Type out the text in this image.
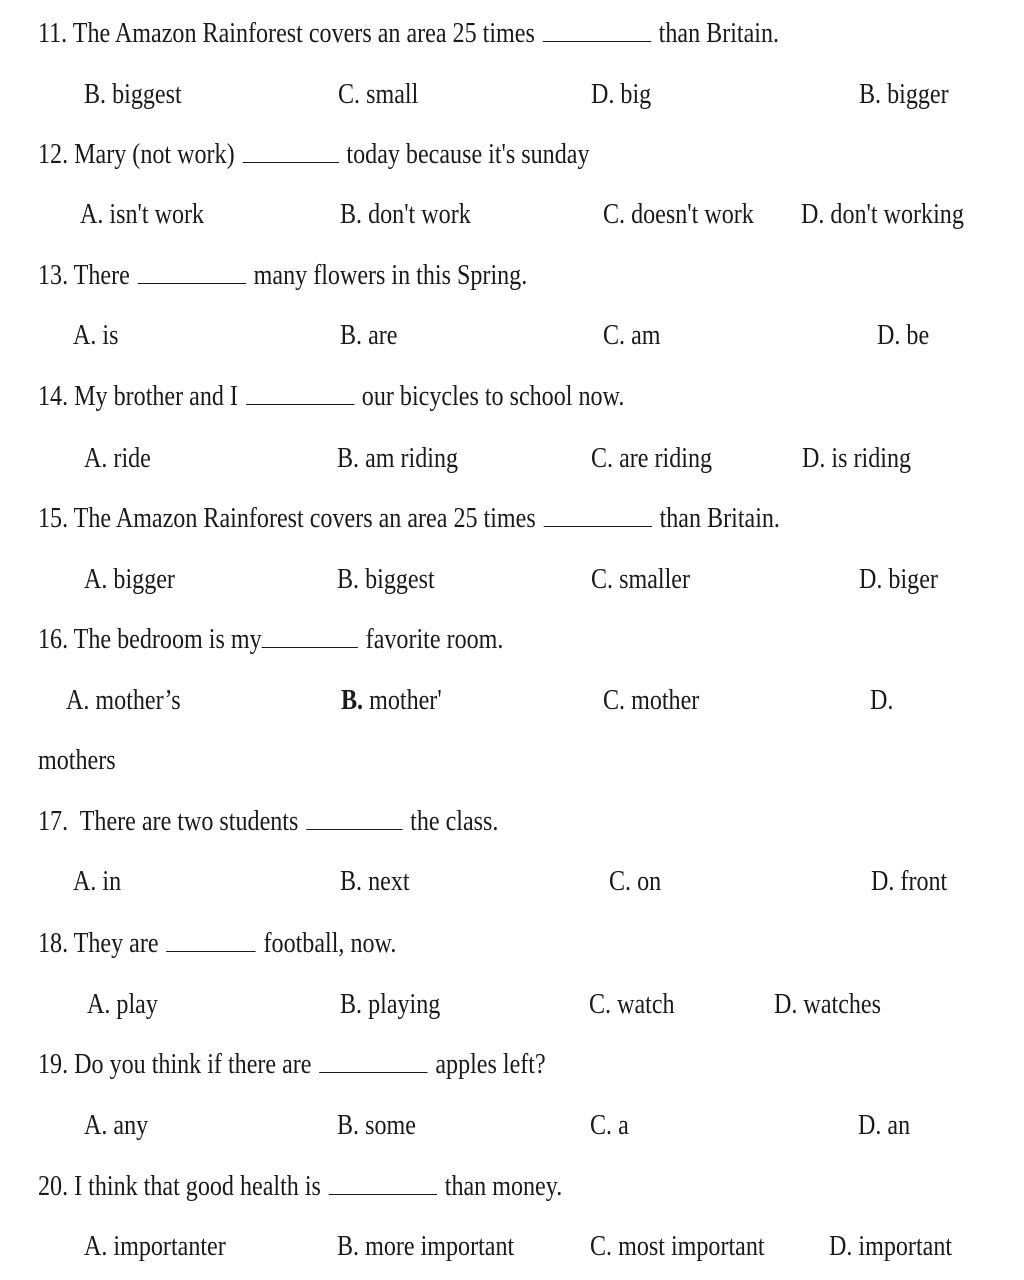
11. The Amazon Rainforest covers an area 25 times	than Britain.
B. biggest	C. small	D. big	B. bigger
12. Mary (not work)	today because it's sunday
A. isn't work	B. don't work	C. doesn't work D. don't working
13. There	many flowers in this Spring.
A. is	B. are	C. am	D. be
14. My brother and I	our bicycles to school now.
A. ride	B. am riding	C. are riding	D. is riding
15. The Amazon Rainforest covers an area 25 times	than Britain.
A. bigger	B. biggest	C. smaller	D. biger
16. The bedroom is my	favorite room.
A. mother’s	B. mother'	C. mother	D.
mothers
17.  There are two students	the class.
A. in	B. next	C. on	D. front
18. They are	football, now.
A. play	B. playing	C. watch	D. watches
19. Do you think if there are	apples left?
A. any	B. some	C. a	D. an
20. I think that good health is	than money.
A. importanter	B. more important	C. most important D. important
